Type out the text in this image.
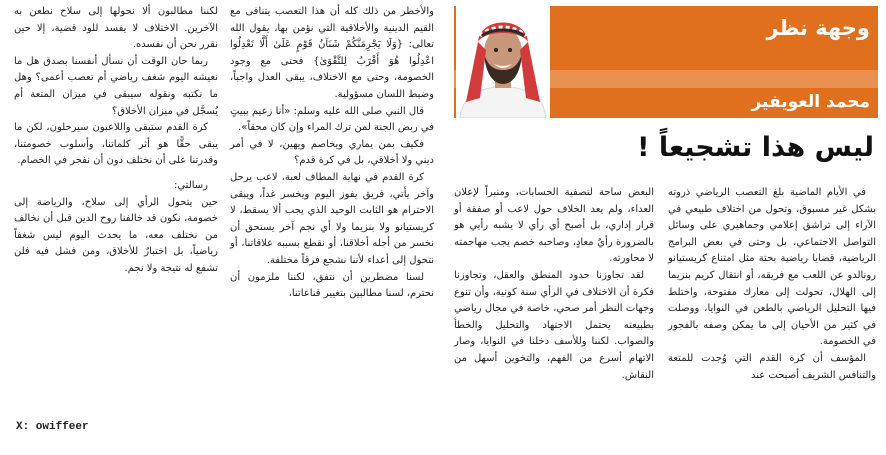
وجهة نظر
محمد العويفير
ليس هذا تشجيعاً !

في الأيام الماضية بلغ التعصب الرياضي ذروته بشكل غير مسبوق، وتحول من اختلاف طبيعي في الآراء إلى تراشق إعلامي وجماهيري على وسائل التواصل الاجتماعي، بل وحتى في بعض البرامج الرياضية، قضايا رياضية بحتة مثل امتناع كريستيانو رونالدو عن اللعب مع فريقه، أو انتقال كريم بنزيما إلى الهلال، تحولت إلى معارك مفتوحة، واختلط فيها التحليل الرياضي بالطعن في النوايا، ووصلت في كثير من الأحيان إلى ما يمكن وصفه بالفجور في الخصومة.

المؤسف أن كرة القدم التي وُجدت للمتعة والتنافس الشريف أصبحت عند

البعض ساحة لتصفية الحسابات، ومنبراً لإعلان العداء، ولم يعد الخلاف حول لاعب أو صفقة أو قرار إداري، بل أصبح أي رأي لا يشبه رأيي هو بالضرورة رأيٌ معادٍ، وصاحبه خصم يجب مهاجمته لا محاورته.

لقد تجاوزنا حدود المنطق والعقل، وتجاوزنا فكرة أن الاختلاف في الرأي سنة كونية، وأن تنوع وجهات النظر أمر صحي، خاصة في مجال رياضي بطبيعته يحتمل الاجتهاد والتحليل والخطأ والصواب. لكننا وللأسف دخلنا في النوايا، وصار الاتهام أسرع من الفهم، والتخوين أسهل من النقاش.

والأخطر من ذلك كله أن هذا التعصب يتنافى مع القيم الدينية والأخلاقية التي نؤمن بها، يقول الله تعالى: {وَلَا يَجْرِمَنَّكُمْ شَنَآنُ قَوْمٍ عَلَىٰ أَلَّا تَعْدِلُوا اعْدِلُوا هُوَ أَقْرَبُ لِلتَّقْوَىٰ} فحتى مع وجود الخصومة، وحتى مع الاختلاف، يبقى العدل واجباً، وضبط اللسان مسؤولية.

قال النبي صلى الله عليه وسلم: «أنا زعيم ببيتٍ في ربض الجنة لمن ترك المراء وإن كان محقاً».

فكيف بمن يماري ويخاصم ويهين، لا في أمر ديني ولا أخلاقي، بل في كرة قدم؟

كرة القدم في نهاية المطاف لعبة، لاعب يرحل وآخر يأتي، فريق يفوز اليوم ويخسر غداً، ويبقى الاحترام هو الثابت الوحيد الذي يجب ألا يسقط، لا كريستيانو ولا بنزيما ولا أي نجم آخر يستحق أن نخسر من أجله أخلاقنا، أو نقطع بسببه علاقاتنا، أو نتحول إلى أعداء لأننا نشجع فرقاً مختلفة.

لسنا مضطرين أن نتفق، لكننا ملزمون أن نحترم، لسنا مطالبين بتغيير قناعاتنا،

لكننا مطالبون ألا نحولها إلى سلاح نطعن به الآخرين. الاختلاف لا يفسد للود قضية، إلا حين نقرر نحن أن نفسده.

ربما حان الوقت أن نسأل أنفسنا بصدق هل ما نعيشه اليوم شغف رياضي أم تعصب أعمى؟ وهل ما نكتبه ونقوله سيبقى في ميزان المتعة أم يُسجَّل في ميزان الأخلاق؟

كرة القدم ستبقى واللاعبون سيرحلون، لكن ما يبقى حقًّا هو أثر كلماتنا، وأسلوب خصومتنا، وقدرتنا على أن نختلف دون أن نفجر في الخصام.

رسالتي:

حين يتحول الرأي إلى سلاح، والرياضة إلى خصومة، نكون قد خالفنا روح الدين قبل أن نخالف من نختلف معه، ما يحدث اليوم ليس شغفاً رياضياً، بل اختبارٌ للأخلاق، ومن فشل فيه فلن تشفع له نتيجة ولا نجم.

X: owiffeer
